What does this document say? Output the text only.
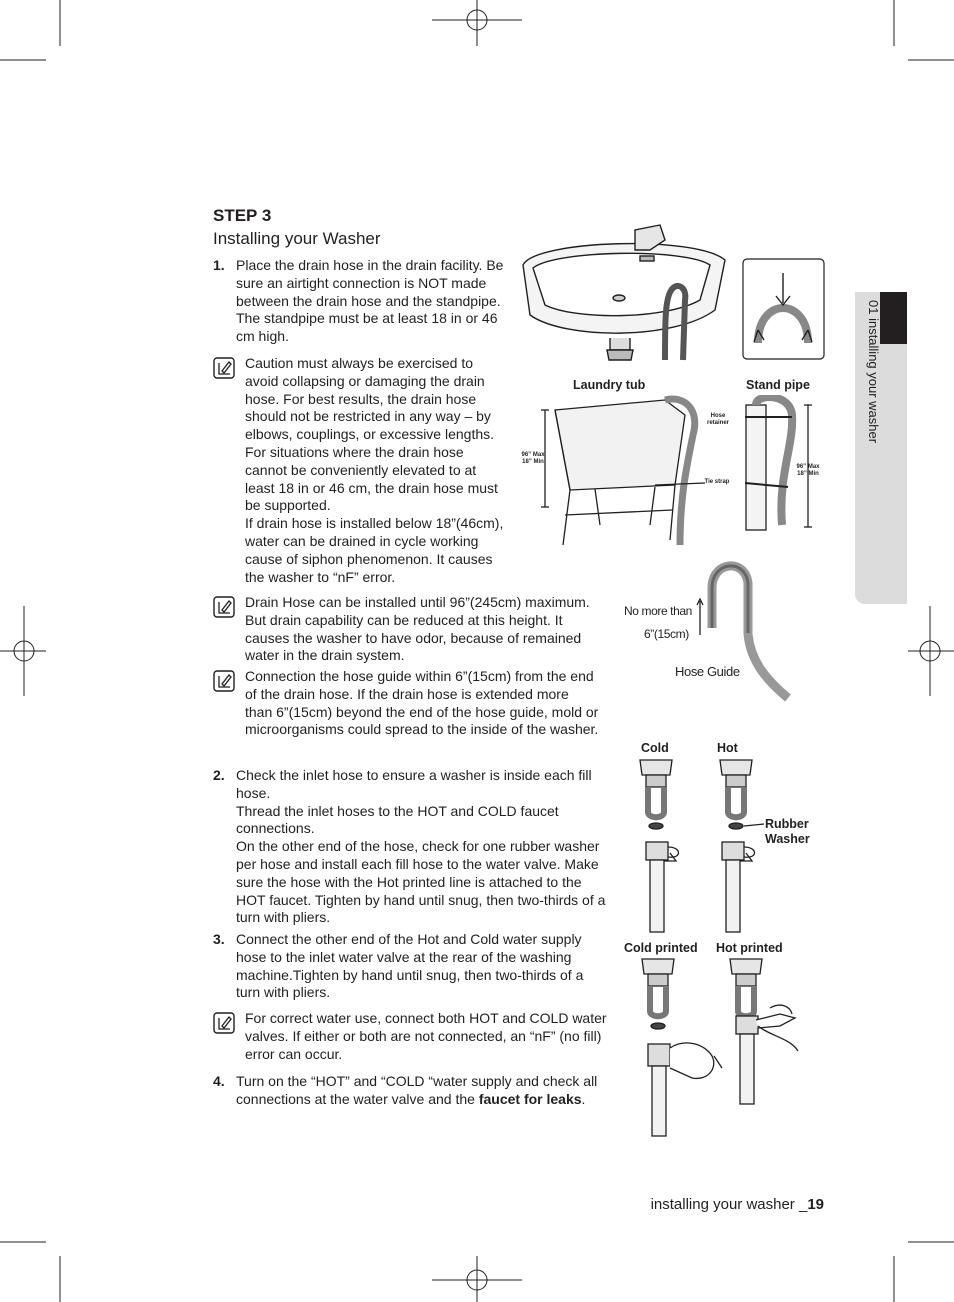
01 installing your washer
STEP 3
Installing your Washer
1. Place the drain hose in the drain facility. Be

sure an airtight connection is NOT made

between the drain hose and the standpipe.

The standpipe must be at least 18 in or 46

cm high.

Caution must always be exercised to

avoid collapsing or damaging the drain

hose. For best results, the drain hose

should not be restricted in any way – by

elbows, couplings, or excessive lengths.

For situations where the drain hose

cannot be conveniently elevated to at

least 18 in or 46 cm, the drain hose must

be supported.

If drain hose is installed below 18”(46cm),

water can be drained in cycle working

cause of siphon phenomenon. It causes

the washer to “nF” error.

Drain Hose can be installed until 96”(245cm) maximum.

But drain capability can be reduced at this height. It

causes the washer to have odor, because of remained

water in the drain system.

Connection the hose guide within 6”(15cm) from the end

of the drain hose. If the drain hose is extended more

than 6”(15cm) beyond the end of the hose guide, mold or

microorganisms could spread to the inside of the washer.

2. Check the inlet hose to ensure a washer is inside each fill

hose.

Thread the inlet hoses to the HOT and COLD faucet

connections.

On the other end of the hose, check for one rubber washer

per hose and install each fill hose to the water valve. Make

sure the hose with the Hot printed line is attached to the

HOT faucet. Tighten by hand until snug, then two-thirds of a

turn with pliers.

3. Connect the other end of the Hot and Cold water supply

hose to the inlet water valve at the rear of the washing

machine.Tighten by hand until snug, then two-thirds of a

turn with pliers.

For correct water use, connect both HOT and COLD water

valves. If either or both are not connected, an “nF” (no fill)

error can occur.

4. Turn on the “HOT” and “COLD “water supply and check all

connections at the water valve and the faucet for leaks.

Laundry tub	Stand pipe
96” Max
18” Min
Hose
retainer
Tie strap
96” Max
18” Min
No more than
6”(15cm)
Hose Guide
Cold	Hot
Rubber
Washer
Cold printed Hot printed
installing your washer _19
